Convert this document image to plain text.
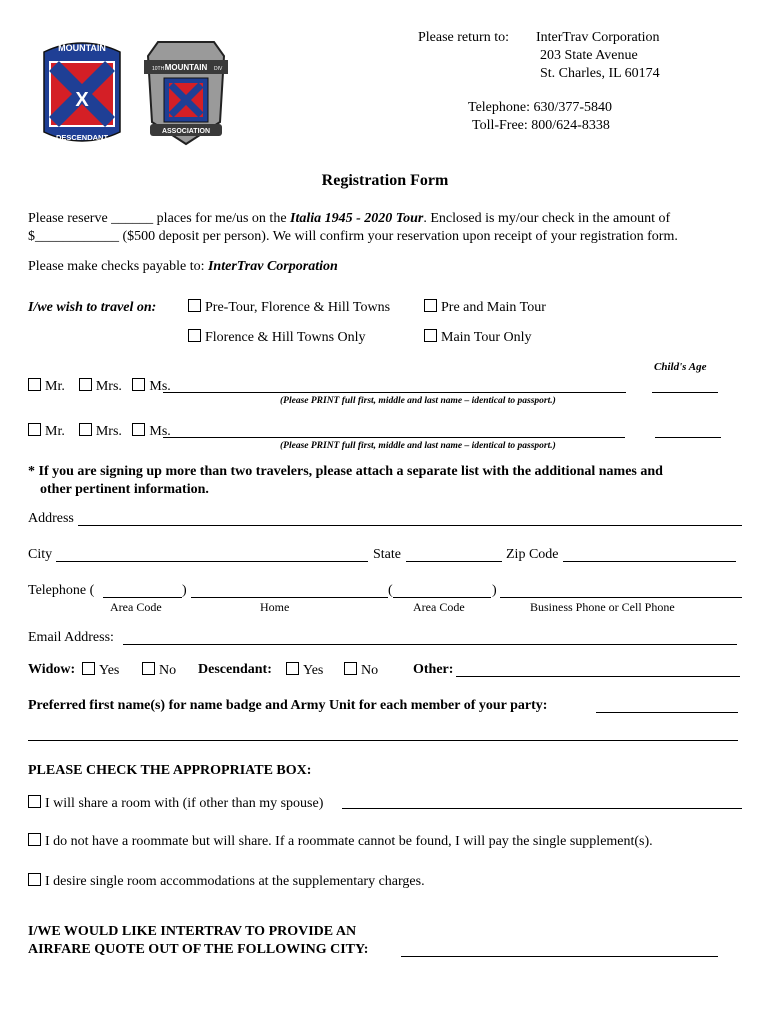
X
MOUNTAIN
DESCENDANT
MOUNTAIN
10TH	DIV
ASSOCIATION
Please return to: InterTrav Corporation
203 State Avenue
St. Charles, IL 60174
Telephone: 630/377-5840
Toll-Free: 800/624-8338
Registration Form
Please reserve ______ places for me/us on the Italia 1945 - 2020 Tour. Enclosed is my/our check in the amount of
$____________ ($500 deposit per person). We will confirm your reservation upon receipt of your registration form.
Please make checks payable to: InterTrav Corporation
I/we wish to travel on:	Pre-Tour, Florence & Hill Towns	Pre and Main Tour
Florence & Hill Towns Only	Main Tour Only
Child's Age
Mr. Mrs. Ms.
(Please PRINT full first, middle and last name – identical to passport.)
Mr. Mrs. Ms.
(Please PRINT full first, middle and last name – identical to passport.)
* If you are signing up more than two travelers, please attach a separate list with the additional names and
other pertinent information.
Address
City	State	Zip Code
Telephone (	)	(	)
Area Code	Home	Area Code	Business Phone or Cell Phone
Email Address:
Widow:	Yes	No Descendant:	Yes	No Other:
Preferred first name(s) for name badge and Army Unit for each member of your party:
PLEASE CHECK THE APPROPRIATE BOX:
I will share a room with (if other than my spouse)
I do not have a roommate but will share. If a roommate cannot be found, I will pay the single supplement(s).
I desire single room accommodations at the supplementary charges.
I/WE WOULD LIKE INTERTRAV TO PROVIDE AN
AIRFARE QUOTE OUT OF THE FOLLOWING CITY:
